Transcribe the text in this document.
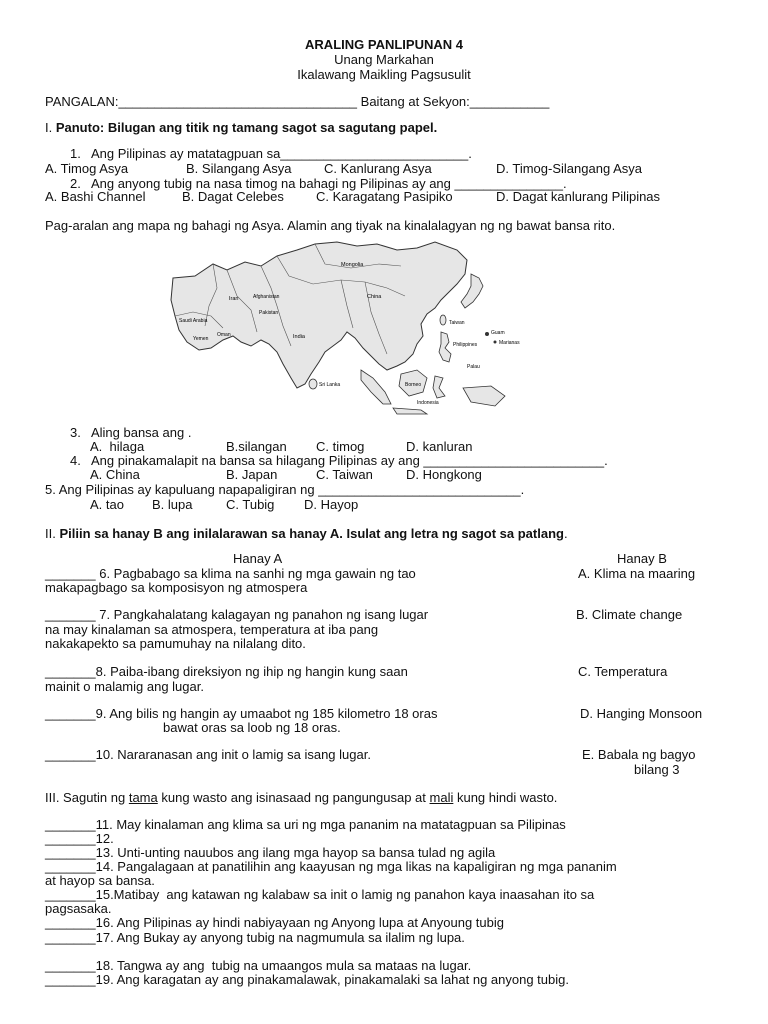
ARALING PANLIPUNAN 4
Unang Markahan
Ikalawang Maikling Pagsusulit
PANGALAN:_________________________________ Baitang at Sekyon:___________
I. Panuto: Bilugan ang titik ng tamang sagot sa sagutang papel.
1.   Ang Pilipinas ay matatagpuan sa__________________________.
A. Timog Asya	B. Silangang Asya C. Kanlurang Asya	D. Timog-Silangang Asya
2.   Ang anyong tubig na nasa timog na bahagi ng Pilipinas ay ang _______________.
A. Bashi Channel	B. Dagat Celebes C. Karagatang Pasipiko	D. Dagat kanlurang Pilipinas
Pag-aralan ang mapa ng bahagi ng Asya. Alamin ang tiyak na kinalalagyan ng ng bawat bansa rito.
Mongolia
China
Iran	Afghanistan
Pakistan
Saudi Arabia
Yemen
Oman	India
Taiwan
Philippines
Guam
Marianas
Sri Lanka	Borneo
Indonesia
Palau
3.   Aling bansa ang .
A.  hilaga	B.silangan C. timog	D. kanluran
4.   Ang pinakamalapit na bansa sa hilagang Pilipinas ay ang _________________________.
A. China	B. Japan	C. Taiwan	D. Hongkong
5. Ang Pilipinas ay kapuluang napapaligiran ng ____________________________.
A. tao B. lupa	C. Tubig D. Hayop
II. Piliin sa hanay B ang inilalarawan sa hanay A. Isulat ang letra ng sagot sa patlang.
Hanay A	Hanay B
_______ 6. Pagbabago sa klima na sanhi ng mga gawain ng tao
makapagbago sa komposisyon ng atmospera
A. Klima na maaring
_______ 7. Pangkahalatang kalagayan ng panahon ng isang lugar
na may kinalaman sa atmospera, temperatura at iba pang
nakakapekto sa pamumuhay na nilalang dito.
B. Climate change
_______8. Paiba-ibang direksiyon ng ihip ng hangin kung saan
mainit o malamig ang lugar.
C. Temperatura
_______9. Ang bilis ng hangin ay umaabot ng 185 kilometro 18 oras
bawat oras sa loob ng 18 oras.
D. Hanging Monsoon
_______10. Nararanasan ang init o lamig sa isang lugar.	E. Babala ng bagyo
bilang 3
III. Sagutin ng tama kung wasto ang isinasaad ng pangungusap at mali kung hindi wasto.
_______11. May kinalaman ang klima sa uri ng mga pananim na matatagpuan sa Pilipinas
_______12.
_______13. Unti-unting nauubos ang ilang mga hayop sa bansa tulad ng agila
_______14. Pangalagaan at panatilihin ang kaayusan ng mga likas na kapaligiran ng mga pananim
at hayop sa bansa.
_______15.Matibay  ang katawan ng kalabaw sa init o lamig ng panahon kaya inaasahan ito sa
pagsasaka.
_______16. Ang Pilipinas ay hindi nabiyayaan ng Anyong lupa at Anyoung tubig
_______17. Ang Bukay ay anyong tubig na nagmumula sa ilalim ng lupa.
_______18. Tangwa ay ang  tubig na umaangos mula sa mataas na lugar.
_______19. Ang karagatan ay ang pinakamalawak, pinakamalaki sa lahat ng anyong tubig.
